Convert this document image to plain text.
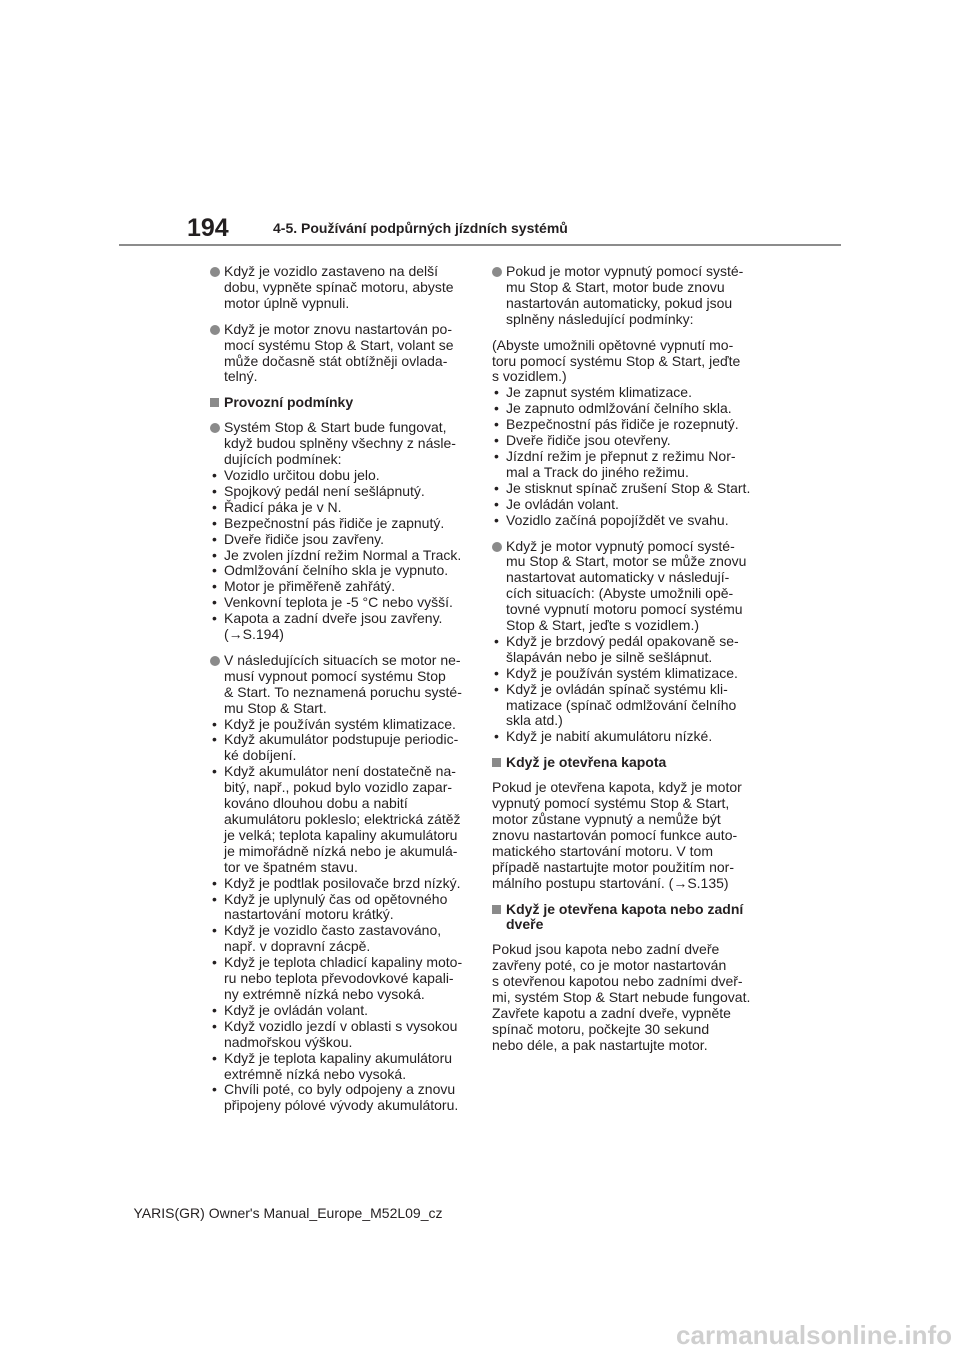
194	4-5. Používání podpůrných jízdních systémů
Když je vozidlo zastaveno na delší
dobu, vypněte spínač motoru, abyste
motor úplně vypnuli.
Když je motor znovu nastartován po-
mocí systému Stop & Start, volant se
může dočasně stát obtížněji ovlada-
telný.
Provozní podmínky
Systém Stop & Start bude fungovat,
když budou splněny všechny z násle-
dujících podmínek:
• Vozidlo určitou dobu jelo.
• Spojkový pedál není sešlápnutý.
• Řadicí páka je v N.
• Bezpečnostní pás řidiče je zapnutý.
• Dveře řidiče jsou zavřeny.
• Je zvolen jízdní režim Normal a Track.
• Odmlžování čelního skla je vypnuto.
• Motor je přiměřeně zahřátý.
• Venkovní teplota je -5 °C nebo vyšší.
• Kapota a zadní dveře jsou zavřeny.
(→S.194)
V následujících situacích se motor ne-
musí vypnout pomocí systému Stop
& Start. To neznamená poruchu systé-
mu Stop & Start.
• Když je používán systém klimatizace.
• Když akumulátor podstupuje periodic-
ké dobíjení.
• Když akumulátor není dostatečně na-
bitý, např., pokud bylo vozidlo zapar-
kováno dlouhou dobu a nabití
akumulátoru pokleslo; elektrická zátěž
je velká; teplota kapaliny akumulátoru
je mimořádně nízká nebo je akumulá-
tor ve špatném stavu.
• Když je podtlak posilovače brzd nízký.
• Když je uplynulý čas od opětovného
nastartování motoru krátký.
• Když je vozidlo často zastavováno,
např. v dopravní zácpě.
• Když je teplota chladicí kapaliny moto-
ru nebo teplota převodovkové kapali-
ny extrémně nízká nebo vysoká.
• Když je ovládán volant.
• Když vozidlo jezdí v oblasti s vysokou
nadmořskou výškou.
• Když je teplota kapaliny akumulátoru
extrémně nízká nebo vysoká.
• Chvíli poté, co byly odpojeny a znovu
připojeny pólové vývody akumulátoru.
Pokud je motor vypnutý pomocí systé-
mu Stop & Start, motor bude znovu
nastartován automaticky, pokud jsou
splněny následující podmínky:
(Abyste umožnili opětovné vypnutí mo-
toru pomocí systému Stop & Start, jeďte
s vozidlem.)
• Je zapnut systém klimatizace.
• Je zapnuto odmlžování čelního skla.
• Bezpečnostní pás řidiče je rozepnutý.
• Dveře řidiče jsou otevřeny.
• Jízdní režim je přepnut z režimu Nor-
mal a Track do jiného režimu.
• Je stisknut spínač zrušení Stop & Start.
• Je ovládán volant.
• Vozidlo začíná popojíždět ve svahu.
Když je motor vypnutý pomocí systé-
mu Stop & Start, motor se může znovu
nastartovat automaticky v následují-
cích situacích: (Abyste umožnili opě-
tovné vypnutí motoru pomocí systému
Stop & Start, jeďte s vozidlem.)
• Když je brzdový pedál opakovaně se-
šlapáván nebo je silně sešlápnut.
• Když je používán systém klimatizace.
• Když je ovládán spínač systému kli-
matizace (spínač odmlžování čelního
skla atd.)
• Když je nabití akumulátoru nízké.
Když je otevřena kapota
Pokud je otevřena kapota, když je motor
vypnutý pomocí systému Stop & Start,
motor zůstane vypnutý a nemůže být
znovu nastartován pomocí funkce auto-
matického startování motoru. V tom
případě nastartujte motor použitím nor-
málního postupu startování. (→S.135)
Když je otevřena kapota nebo zadní
dveře
Pokud jsou kapota nebo zadní dveře
zavřeny poté, co je motor nastartován
s otevřenou kapotou nebo zadními dveř-
mi, systém Stop & Start nebude fungovat.
Zavřete kapotu a zadní dveře, vypněte
spínač motoru, počkejte 30 sekund
nebo déle, a pak nastartujte motor.
YARIS(GR) Owner's Manual_Europe_M52L09_cz
carmanualsonline.info
